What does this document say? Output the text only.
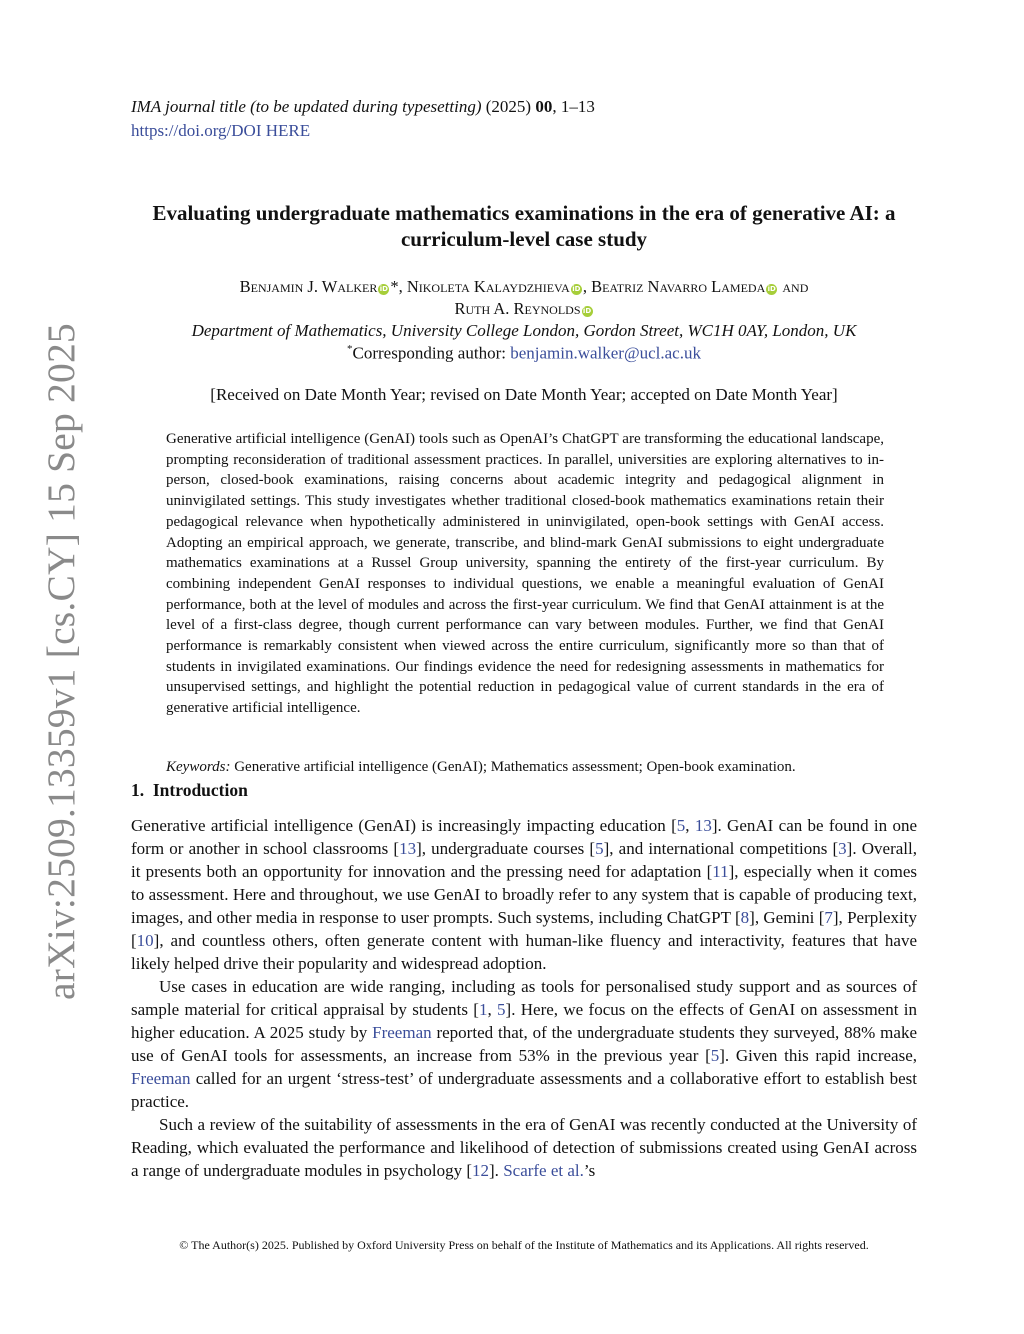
arXiv:2509.13359v1 [cs.CY] 15 Sep 2025
IMA journal title (to be updated during typesetting) (2025) 00, 1–13
https://doi.org/DOI HERE
Evaluating undergraduate mathematics examinations in the era of generative AI: a curriculum-level case study
Benjamin J. Walker iD *, Nikoleta Kalaydzhieva iD , Beatriz Navarro Lameda iD and
Ruth A. Reynolds iD
Department of Mathematics, University College London, Gordon Street, WC1H 0AY, London, UK
*Corresponding author: benjamin.walker@ucl.ac.uk
[Received on Date Month Year; revised on Date Month Year; accepted on Date Month Year]
Generative artificial intelligence (GenAI) tools such as OpenAI’s ChatGPT are transforming the educational landscape, prompting reconsideration of traditional assessment practices. In parallel, universities are exploring alternatives to in-person, closed-book examinations, raising concerns about academic integrity and pedagogical alignment in uninvigilated settings. This study investigates whether traditional closed-book mathematics examinations retain their pedagogical relevance when hypothetically administered in uninvigilated, open-book settings with GenAI access. Adopting an empirical approach, we generate, transcribe, and blind-mark GenAI submissions to eight undergraduate mathematics examinations at a Russel Group university, spanning the entirety of the first-year curriculum. By combining independent GenAI responses to individual questions, we enable a meaningful evaluation of GenAI performance, both at the level of modules and across the first-year curriculum. We find that GenAI attainment is at the level of a first-class degree, though current performance can vary between modules. Further, we find that GenAI performance is remarkably consistent when viewed across the entire curriculum, significantly more so than that of students in invigilated examinations. Our findings evidence the need for redesigning assessments in mathematics for unsupervised settings, and highlight the potential reduction in pedagogical value of current standards in the era of generative artificial intelligence.
Keywords: Generative artificial intelligence (GenAI); Mathematics assessment; Open-book examination.
1. Introduction

Generative artificial intelligence (GenAI) is increasingly impacting education [5, 13]. GenAI can be found in one form or another in school classrooms [13], undergraduate courses [5], and international competitions [3]. Overall, it presents both an opportunity for innovation and the pressing need for adaptation [11], especially when it comes to assessment. Here and throughout, we use GenAI to broadly refer to any system that is capable of producing text, images, and other media in response to user prompts. Such systems, including ChatGPT [8], Gemini [7], Perplexity [10], and countless others, often generate content with human-like fluency and interactivity, features that have likely helped drive their popularity and widespread adoption.

Use cases in education are wide ranging, including as tools for personalised study support and as sources of sample material for critical appraisal by students [1, 5]. Here, we focus on the effects of GenAI on assessment in higher education. A 2025 study by Freeman reported that, of the undergraduate students they surveyed, 88% make use of GenAI tools for assessments, an increase from 53% in the previous year [5]. Given this rapid increase, Freeman called for an urgent ‘stress-test’ of undergraduate assessments and a collaborative effort to establish best practice.

Such a review of the suitability of assessments in the era of GenAI was recently conducted at the University of Reading, which evaluated the performance and likelihood of detection of submissions created using GenAI across a range of undergraduate modules in psychology [12]. Scarfe et al.’s

© The Author(s) 2025. Published by Oxford University Press on behalf of the Institute of Mathematics and its Applications. All rights reserved.
